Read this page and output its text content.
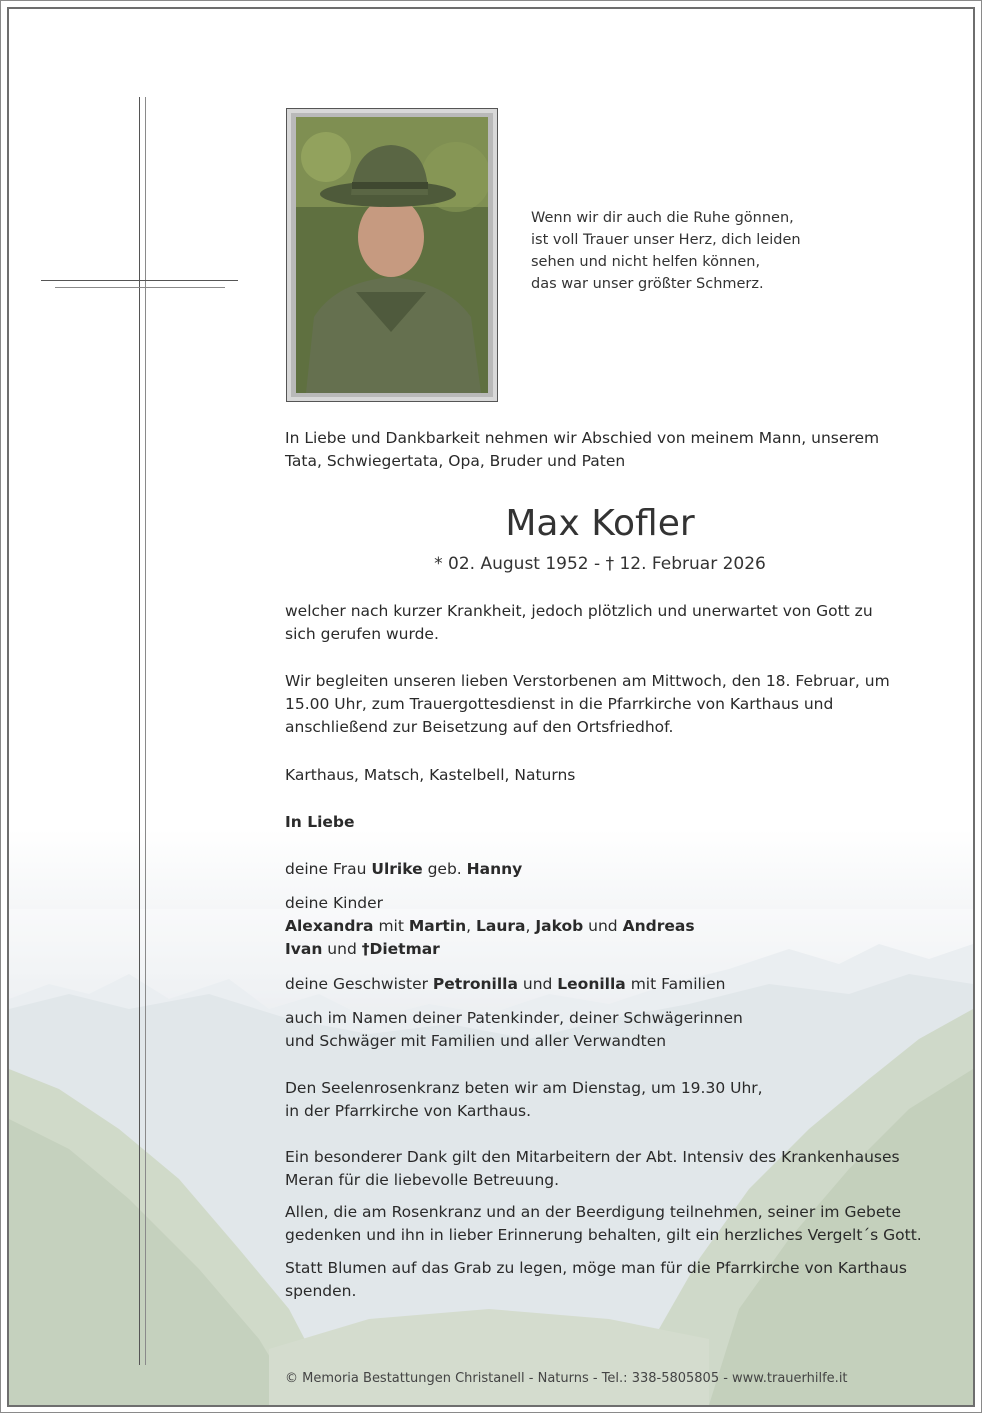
Wenn wir dir auch die Ruhe gönnen,
ist voll Trauer unser Herz, dich leiden
sehen und nicht helfen können,
das war unser größter Schmerz.
In Liebe und Dankbarkeit nehmen wir Abschied von meinem Mann, unserem
Tata, Schwiegertata, Opa, Bruder und Paten
Max Kofler
* 02. August 1952 - † 12. Februar 2026
welcher nach kurzer Krankheit, jedoch plötzlich und unerwartet von Gott zu
sich gerufen wurde.
Wir begleiten unseren lieben Verstorbenen am Mittwoch, den 18. Februar, um
15.00 Uhr, zum Trauergottesdienst in die Pfarrkirche von Karthaus und
anschließend zur Beisetzung auf den Ortsfriedhof.
Karthaus, Matsch, Kastelbell, Naturns
In Liebe
deine Frau Ulrike geb. Hanny
deine Kinder
Alexandra mit Martin, Laura, Jakob und Andreas
Ivan und †Dietmar
deine Geschwister Petronilla und Leonilla mit Familien
auch im Namen deiner Patenkinder, deiner Schwägerinnen
und Schwäger mit Familien und aller Verwandten
Den Seelenrosenkranz beten wir am Dienstag, um 19.30 Uhr,
in der Pfarrkirche von Karthaus.
Ein besonderer Dank gilt den Mitarbeitern der Abt. Intensiv des Krankenhauses
Meran für die liebevolle Betreuung.
Allen, die am Rosenkranz und an der Beerdigung teilnehmen, seiner im Gebete
gedenken und ihn in lieber Erinnerung behalten, gilt ein herzliches Vergelt´s Gott.
Statt Blumen auf das Grab zu legen, möge man für die Pfarrkirche von Karthaus
spenden.
© Memoria Bestattungen Christanell - Naturns - Tel.: 338-5805805 - www.trauerhilfe.it
